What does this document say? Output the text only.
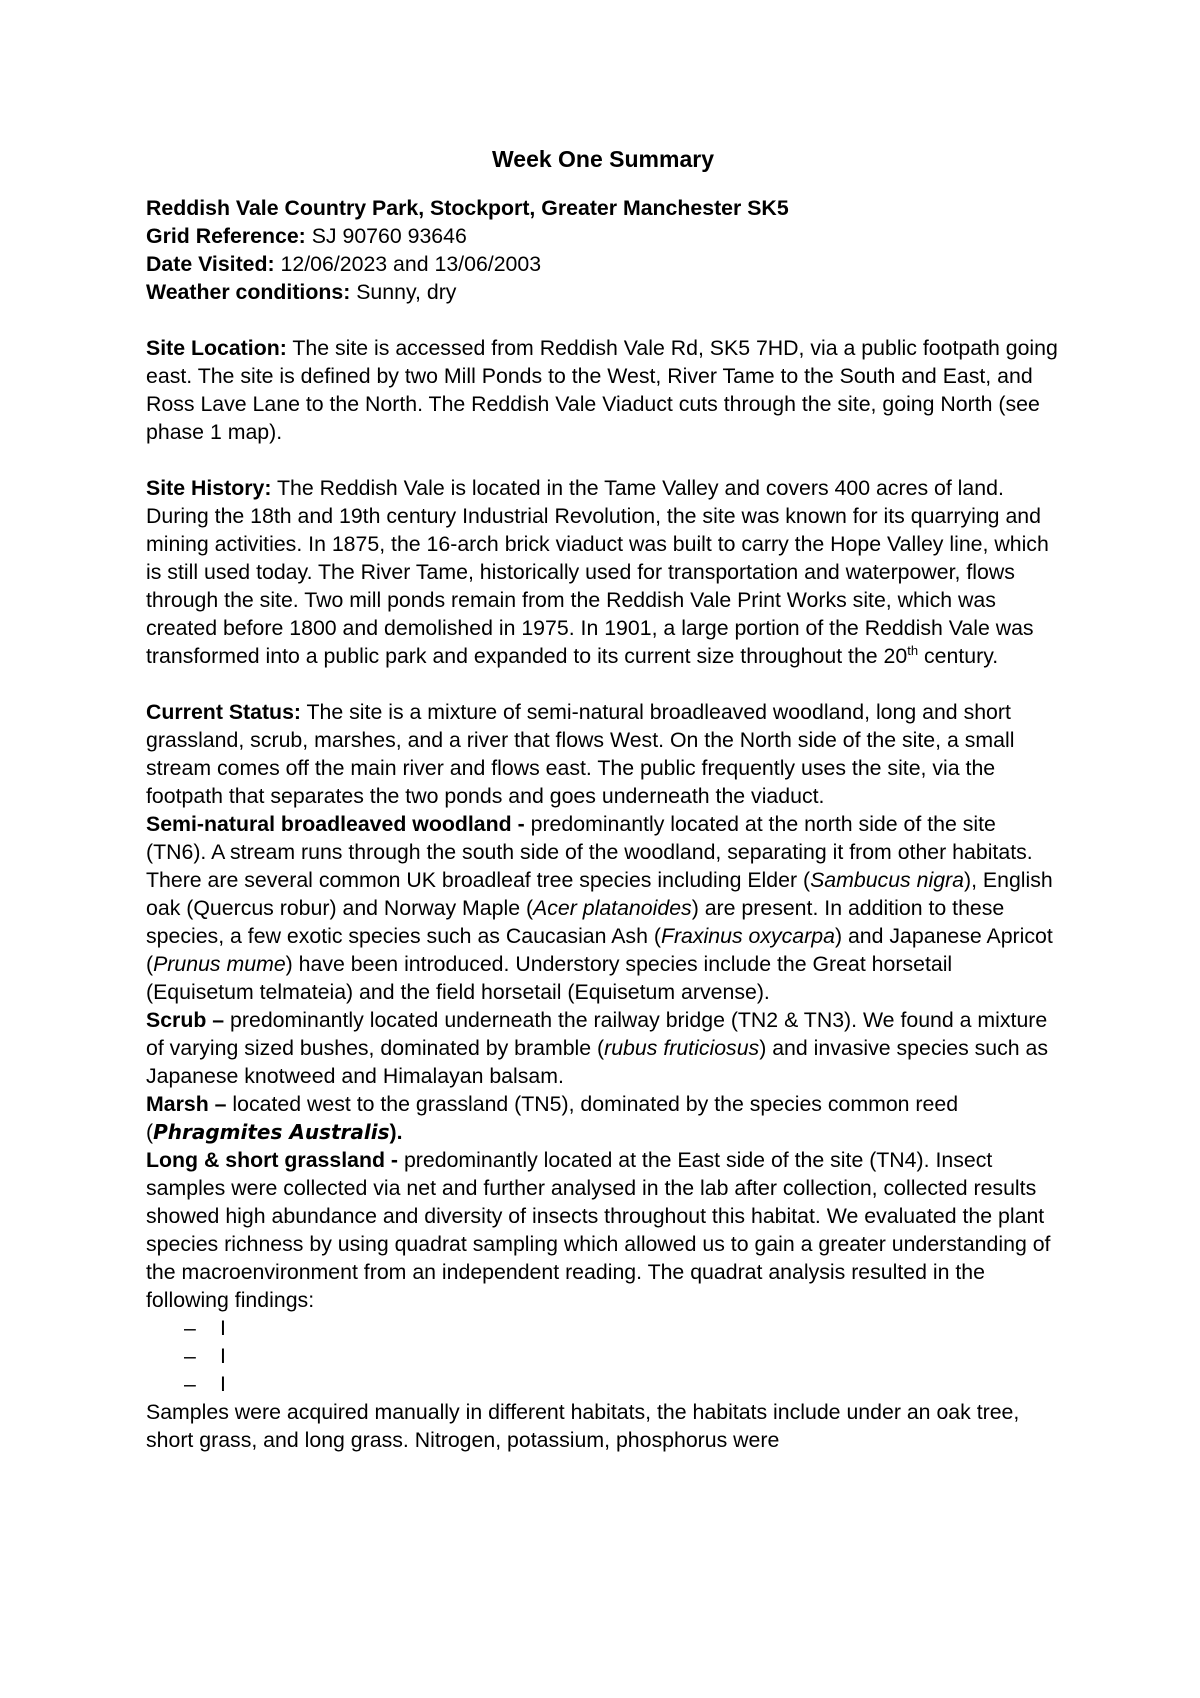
Week One Summary

Reddish Vale Country Park, Stockport, Greater Manchester SK5

Grid Reference: SJ 90760 93646

Date Visited: 12/06/2023 and 13/06/2003

Weather conditions: Sunny, dry

Site Location: The site is accessed from Reddish Vale Rd, SK5 7HD, via a public footpath going east. The site is defined by two Mill Ponds to the West, River Tame to the South and East, and Ross Lave Lane to the North. The Reddish Vale Viaduct cuts through the site, going North (see phase 1 map).

Site History: The Reddish Vale is located in the Tame Valley and covers 400 acres of land. During the 18th and 19th century Industrial Revolution, the site was known for its quarrying and mining activities. In 1875, the 16-arch brick viaduct was built to carry the Hope Valley line, which is still used today. The River Tame, historically used for transportation and waterpower, flows through the site. Two mill ponds remain from the Reddish Vale Print Works site, which was created before 1800 and demolished in 1975. In 1901, a large portion of the Reddish Vale was transformed into a public park and expanded to its current size throughout the 20th century.

Current Status: The site is a mixture of semi-natural broadleaved woodland, long and short grassland, scrub, marshes, and a river that flows West. On the North side of the site, a small stream comes off the main river and flows east. The public frequently uses the site, via the footpath that separates the two ponds and goes underneath the viaduct.

Semi-natural broadleaved woodland - predominantly located at the north side of the site (TN6). A stream runs through the south side of the woodland, separating it from other habitats. There are several common UK broadleaf tree species including Elder (Sambucus nigra), English oak (Quercus robur) and Norway Maple (Acer platanoides) are present. In addition to these species, a few exotic species such as Caucasian Ash (Fraxinus oxycarpa) and Japanese Apricot (Prunus mume) have been introduced. Understory species include the Great horsetail (Equisetum telmateia) and the field horsetail (Equisetum arvense).

Scrub – predominantly located underneath the railway bridge (TN2 & TN3). We found a mixture of varying sized bushes, dominated by bramble (rubus fruticiosus) and invasive species such as Japanese knotweed and Himalayan balsam.

Marsh – located west to the grassland (TN5), dominated by the species common reed (Phragmites Australis).

Long & short grassland - predominantly located at the East side of the site (TN4). Insect samples were collected via net and further analysed in the lab after collection, collected results showed high abundance and diversity of insects throughout this habitat. We evaluated the plant species richness by using quadrat sampling which allowed us to gain a greater understanding of the macroenvironment from an independent reading. The quadrat analysis resulted in the following findings:

– I
– I
– I

Samples were acquired manually in different habitats, the habitats include under an oak tree, short grass, and long grass. Nitrogen, potassium, phosphorus were
